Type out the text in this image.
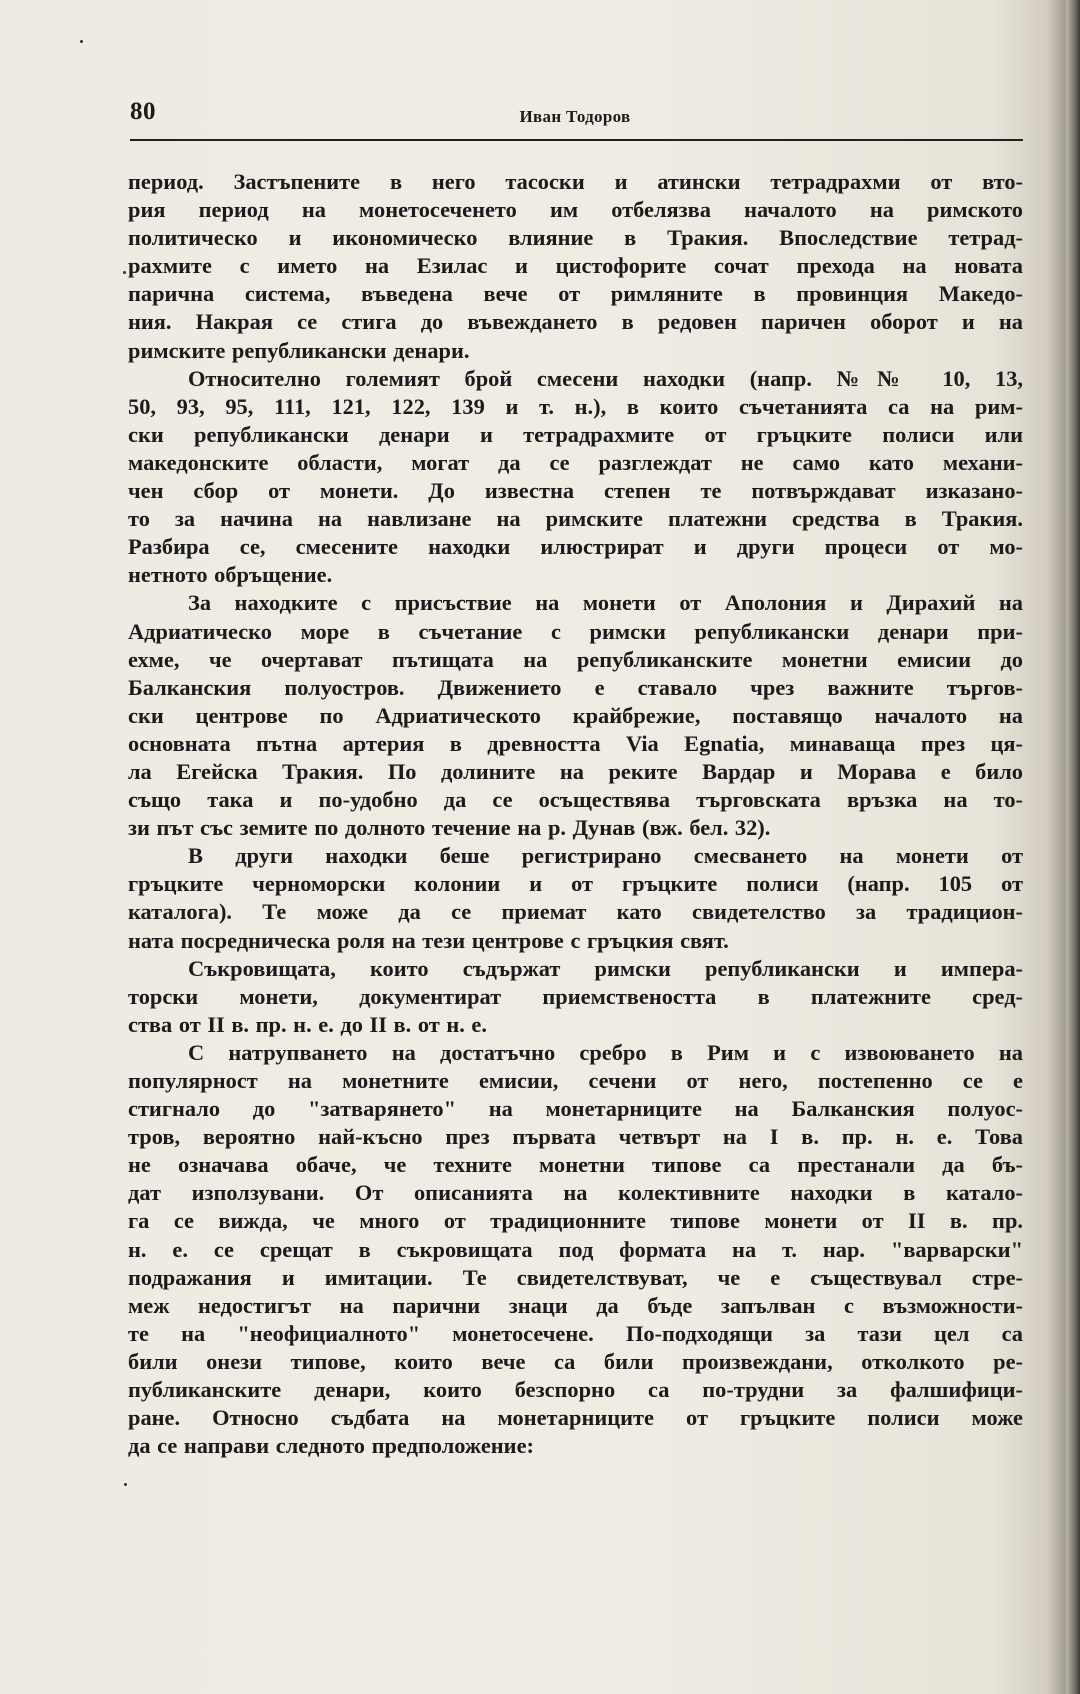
80	Иван Тодоров
период. Застъпените в него тасоски и атински тетрадрахми от вто-
рия период на монетосеченето им отбелязва началото на римското
политическо и икономическо влияние в Тракия. Впоследствие тетрад-
рахмите с името на Езилас и цистофорите сочат прехода на новата
парична система, въведена вече от римляните в провинция Македо-
ния. Накрая се стига до въвеждането в редовен паричен оборот и на
римските републикански денари.
Относително големият брой смесени находки (напр. №№ 10, 13,
50, 93, 95, 111, 121, 122, 139 и т. н.), в които съчетанията са на рим-
ски републикански денари и тетрадрахмите от гръцките полиси или
македонските области, могат да се разглеждат не само като механи-
чен сбор от монети. До известна степен те потвърждават изказано-
то за начина на навлизане на римските платежни средства в Тракия.
Разбира се, смесените находки илюстрират и други процеси от мо-
нетното обръщение.
За находките с присъствие на монети от Аполония и Дирахий на
Адриатическо море в съчетание с римски републикански денари при-
ехме, че очертават пътищата на републиканските монетни емисии до
Балканския полуостров. Движението е ставало чрез важните търгов-
ски центрове по Адриатическото крайбрежие, поставящо началото на
основната пътна артерия в древността Via Egnatia, минаваща през ця-
ла Егейска Тракия. По долините на реките Вардар и Морава е било
също така и по-удобно да се осъществява търговската връзка на то-
зи път със земите по долното течение на р. Дунав (вж. бел. 32).
В други находки беше регистрирано смесването на монети от
гръцките черноморски колонии и от гръцките полиси (напр. 105 от
каталога). Те може да се приемат като свидетелство за традицион-
ната посредническа роля на тези центрове с гръцкия свят.
Съкровищата, които съдържат римски републикански и импера-
торски монети, документират приемствеността в платежните сред-
ства от II в. пр. н. е. до II в. от н. е.
С натрупването на достатъчно сребро в Рим и с извоюването на
популярност на монетните емисии, сечени от него, постепенно се е
стигнало до "затварянето" на монетарниците на Балканския полуос-
тров, вероятно най-късно през първата четвърт на I в. пр. н. е. Това
не означава обаче, че техните монетни типове са престанали да бъ-
дат използувани. От описанията на колективните находки в катало-
га се вижда, че много от традиционните типове монети от II в. пр.
н. е. се срещат в съкровищата под формата на т. нар. "варварски"
подражания и имитации. Те свидетелствуват, че е съществувал стре-
меж недостигът на парични знаци да бъде запълван с възможности-
те на "неофициалното" монетосечене. По-подходящи за тази цел са
били онези типове, които вече са били произвеждани, отколкото ре-
публиканските денари, които безспорно са по-трудни за фалшифици-
ране. Относно съдбата на монетарниците от гръцките полиси може
да се направи следното предположение:
